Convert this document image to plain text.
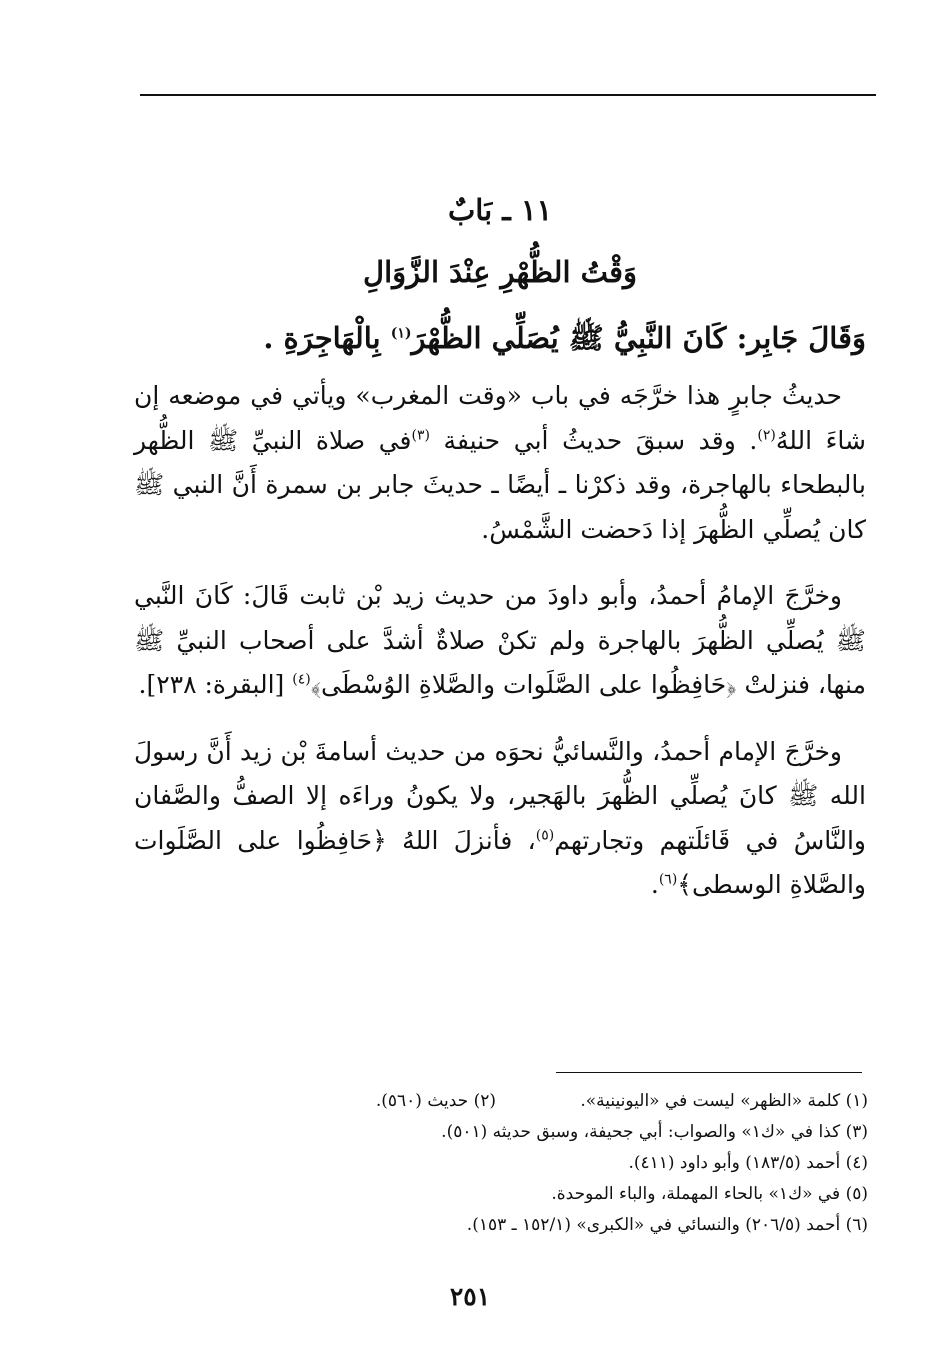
١١ ـ بَابٌ
وَقْتُ الظُّهْرِ عِنْدَ الزَّوَالِ

وَقَالَ جَابِر: كَانَ النَّبِيُّ ﷺ يُصَلِّي الظُّهْرَ$^{(١)}$ بِالْهَاجِرَةِ .

حديثُ جابرٍ هذا خرَّجَه في باب «وقت المغرب» ويأتي في موضعه إن شاءَ اللهُ$^{(٢)}$. وقد سبقَ حديثُ أبي حنيفة $^{(٣)}$في صلاة النبيِّ ﷺ الظُّهر بالبطحاء بالهاجرة، وقد ذكرْنا ـ أيضًا ـ حديثَ جابر بن سمرة أَنَّ النبي ﷺ كان يُصلِّي الظُّهرَ إذا دَحضت الشَّمْسُ.

وخرَّجَ الإمامُ أحمدُ، وأبو داودَ من حديث زيد بْن ثابت قَالَ: كَانَ النَّبي ﷺ يُصلِّي الظُّهرَ بالهاجرة ولم تكنْ صلاةٌ أشدَّ على أصحاب النبيِّ ﷺ منها، فنزلتْ ﴿حَافِظُوا على الصَّلَوات والصَّلاةِ الوُسْطَى﴾$^{(٤)}$ [البقرة: ٢٣٨].

وخرَّجَ الإمام أحمدُ، والنَّسائيُّ نحوَه من حديث أسامةَ بْن زيد أَنَّ رسولَ الله ﷺ كانَ يُصلِّي الظُّهرَ بالهَجير، ولا يكونُ وراءَه إلا الصفُّ والصَّفان والنَّاسُ في قَائلَتهم وتجارتهم$^{(٥)}$، فأنزلَ اللهُ ﴿حَافِظُوا على الصَّلَوات والصَّلاةِ الوسطى﴾$^{(٦)}$.

(١) كلمة «الظهر» ليست في «اليونينية».
(٢) حديث (٥٦٠).
(٣) كذا في «ك١» والصواب: أبي جحيفة، وسبق حديثه (٥٠١).
(٤) أحمد (١٨٣/٥) وأبو داود (٤١١).
(٥) في «ك١» بالحاء المهملة، والباء الموحدة.
(٦) أحمد (٢٠٦/٥) والنسائي في «الكبرى» (١٥٢/١ ـ ١٥٣).
٢٥١
